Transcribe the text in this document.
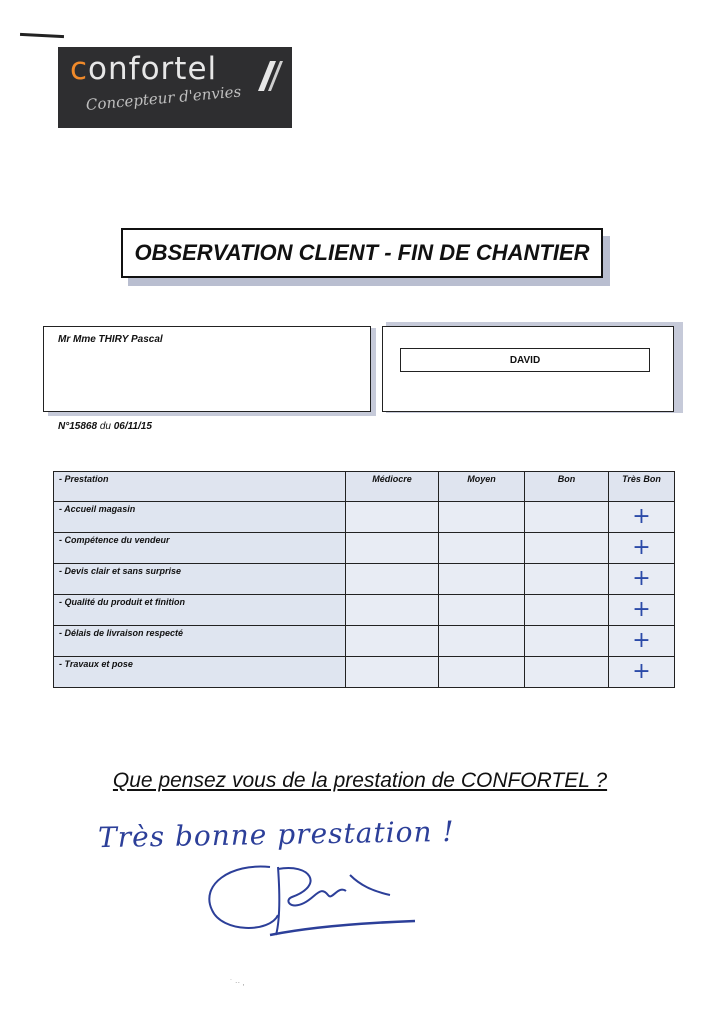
confortel
Concepteur d'envies
OBSERVATION CLIENT - FIN DE CHANTIER
Mr Mme THIRY Pascal
DAVID
N°15868 du 06/11/15
- Prestation	Médiocre	Moyen	Bon	Très Bon
- Accueil magasin				+

- Compétence du vendeur				+

- Devis clair et sans surprise				+

- Qualité du produit et finition				+

- Délais de livraison respecté				+

- Travaux et pose				+
Que pensez vous de la prestation de CONFORTEL ?
Très bonne prestation !
˙ ·· ,
